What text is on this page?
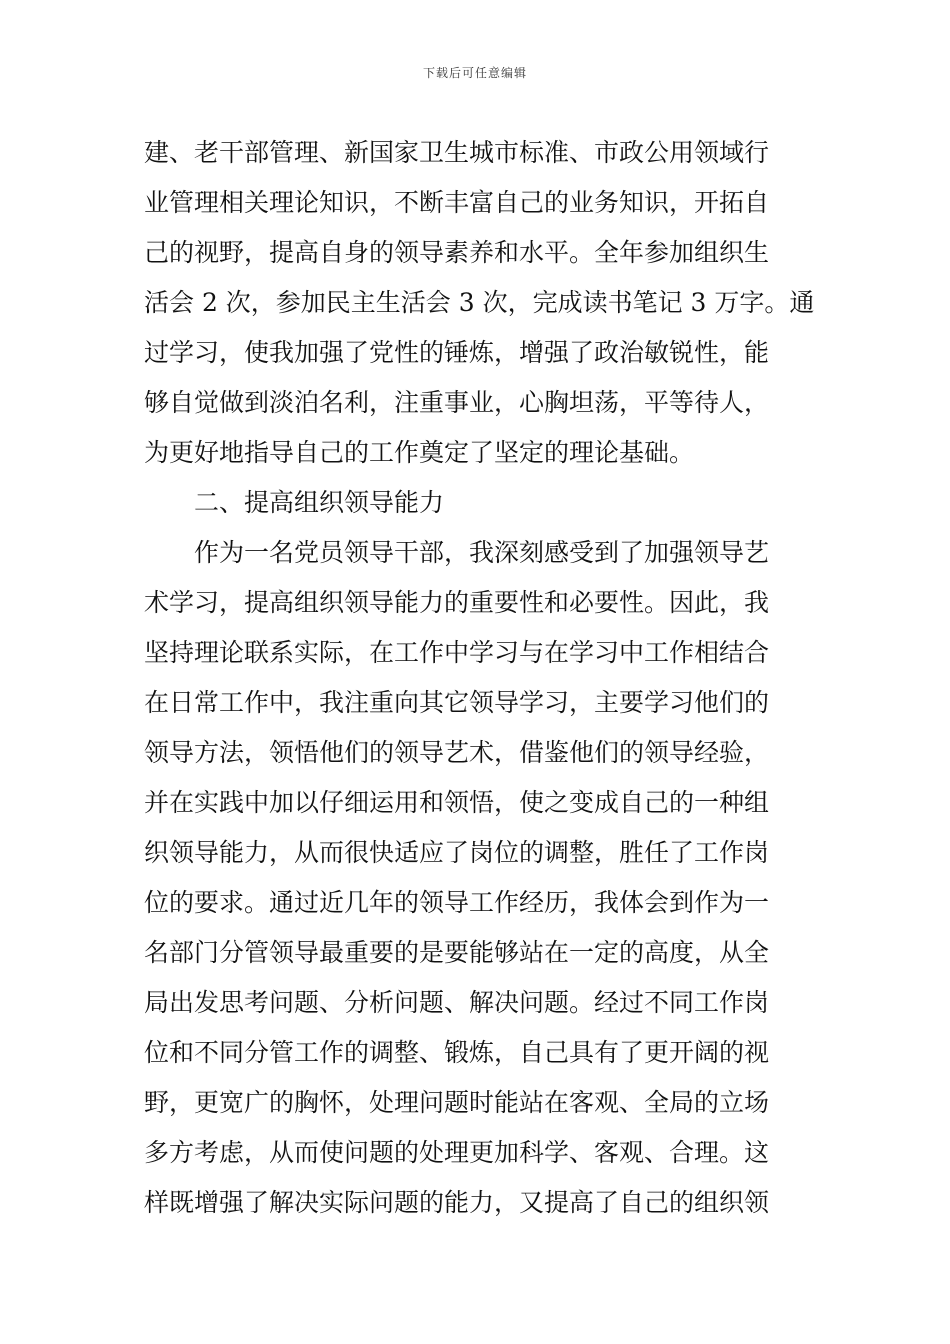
下载后可任意编辑
建、老干部管理、新国家卫生城市标准、市政公用领域行
业管理相关理论知识，不断丰富自己的业务知识，开拓自
己的视野，提高自身的领导素养和水平。全年参加组织生
活会 2 次，参加民主生活会 3 次，完成读书笔记 3 万字。通
过学习，使我加强了党性的锤炼，增强了政治敏锐性，能
够自觉做到淡泊名利，注重事业，心胸坦荡，平等待人，
为更好地指导自己的工作奠定了坚定的理论基础。
二、提高组织领导能力
作为一名党员领导干部，我深刻感受到了加强领导艺
术学习，提高组织领导能力的重要性和必要性。因此，我
坚持理论联系实际，在工作中学习与在学习中工作相结合
在日常工作中，我注重向其它领导学习，主要学习他们的
领导方法，领悟他们的领导艺术，借鉴他们的领导经验，
并在实践中加以仔细运用和领悟，使之变成自己的一种组
织领导能力，从而很快适应了岗位的调整，胜任了工作岗
位的要求。通过近几年的领导工作经历，我体会到作为一
名部门分管领导最重要的是要能够站在一定的高度，从全
局出发思考问题、分析问题、解决问题。经过不同工作岗
位和不同分管工作的调整、锻炼，自己具有了更开阔的视
野，更宽广的胸怀，处理问题时能站在客观、全局的立场
多方考虑，从而使问题的处理更加科学、客观、合理。这
样既增强了解决实际问题的能力，又提高了自己的组织领
